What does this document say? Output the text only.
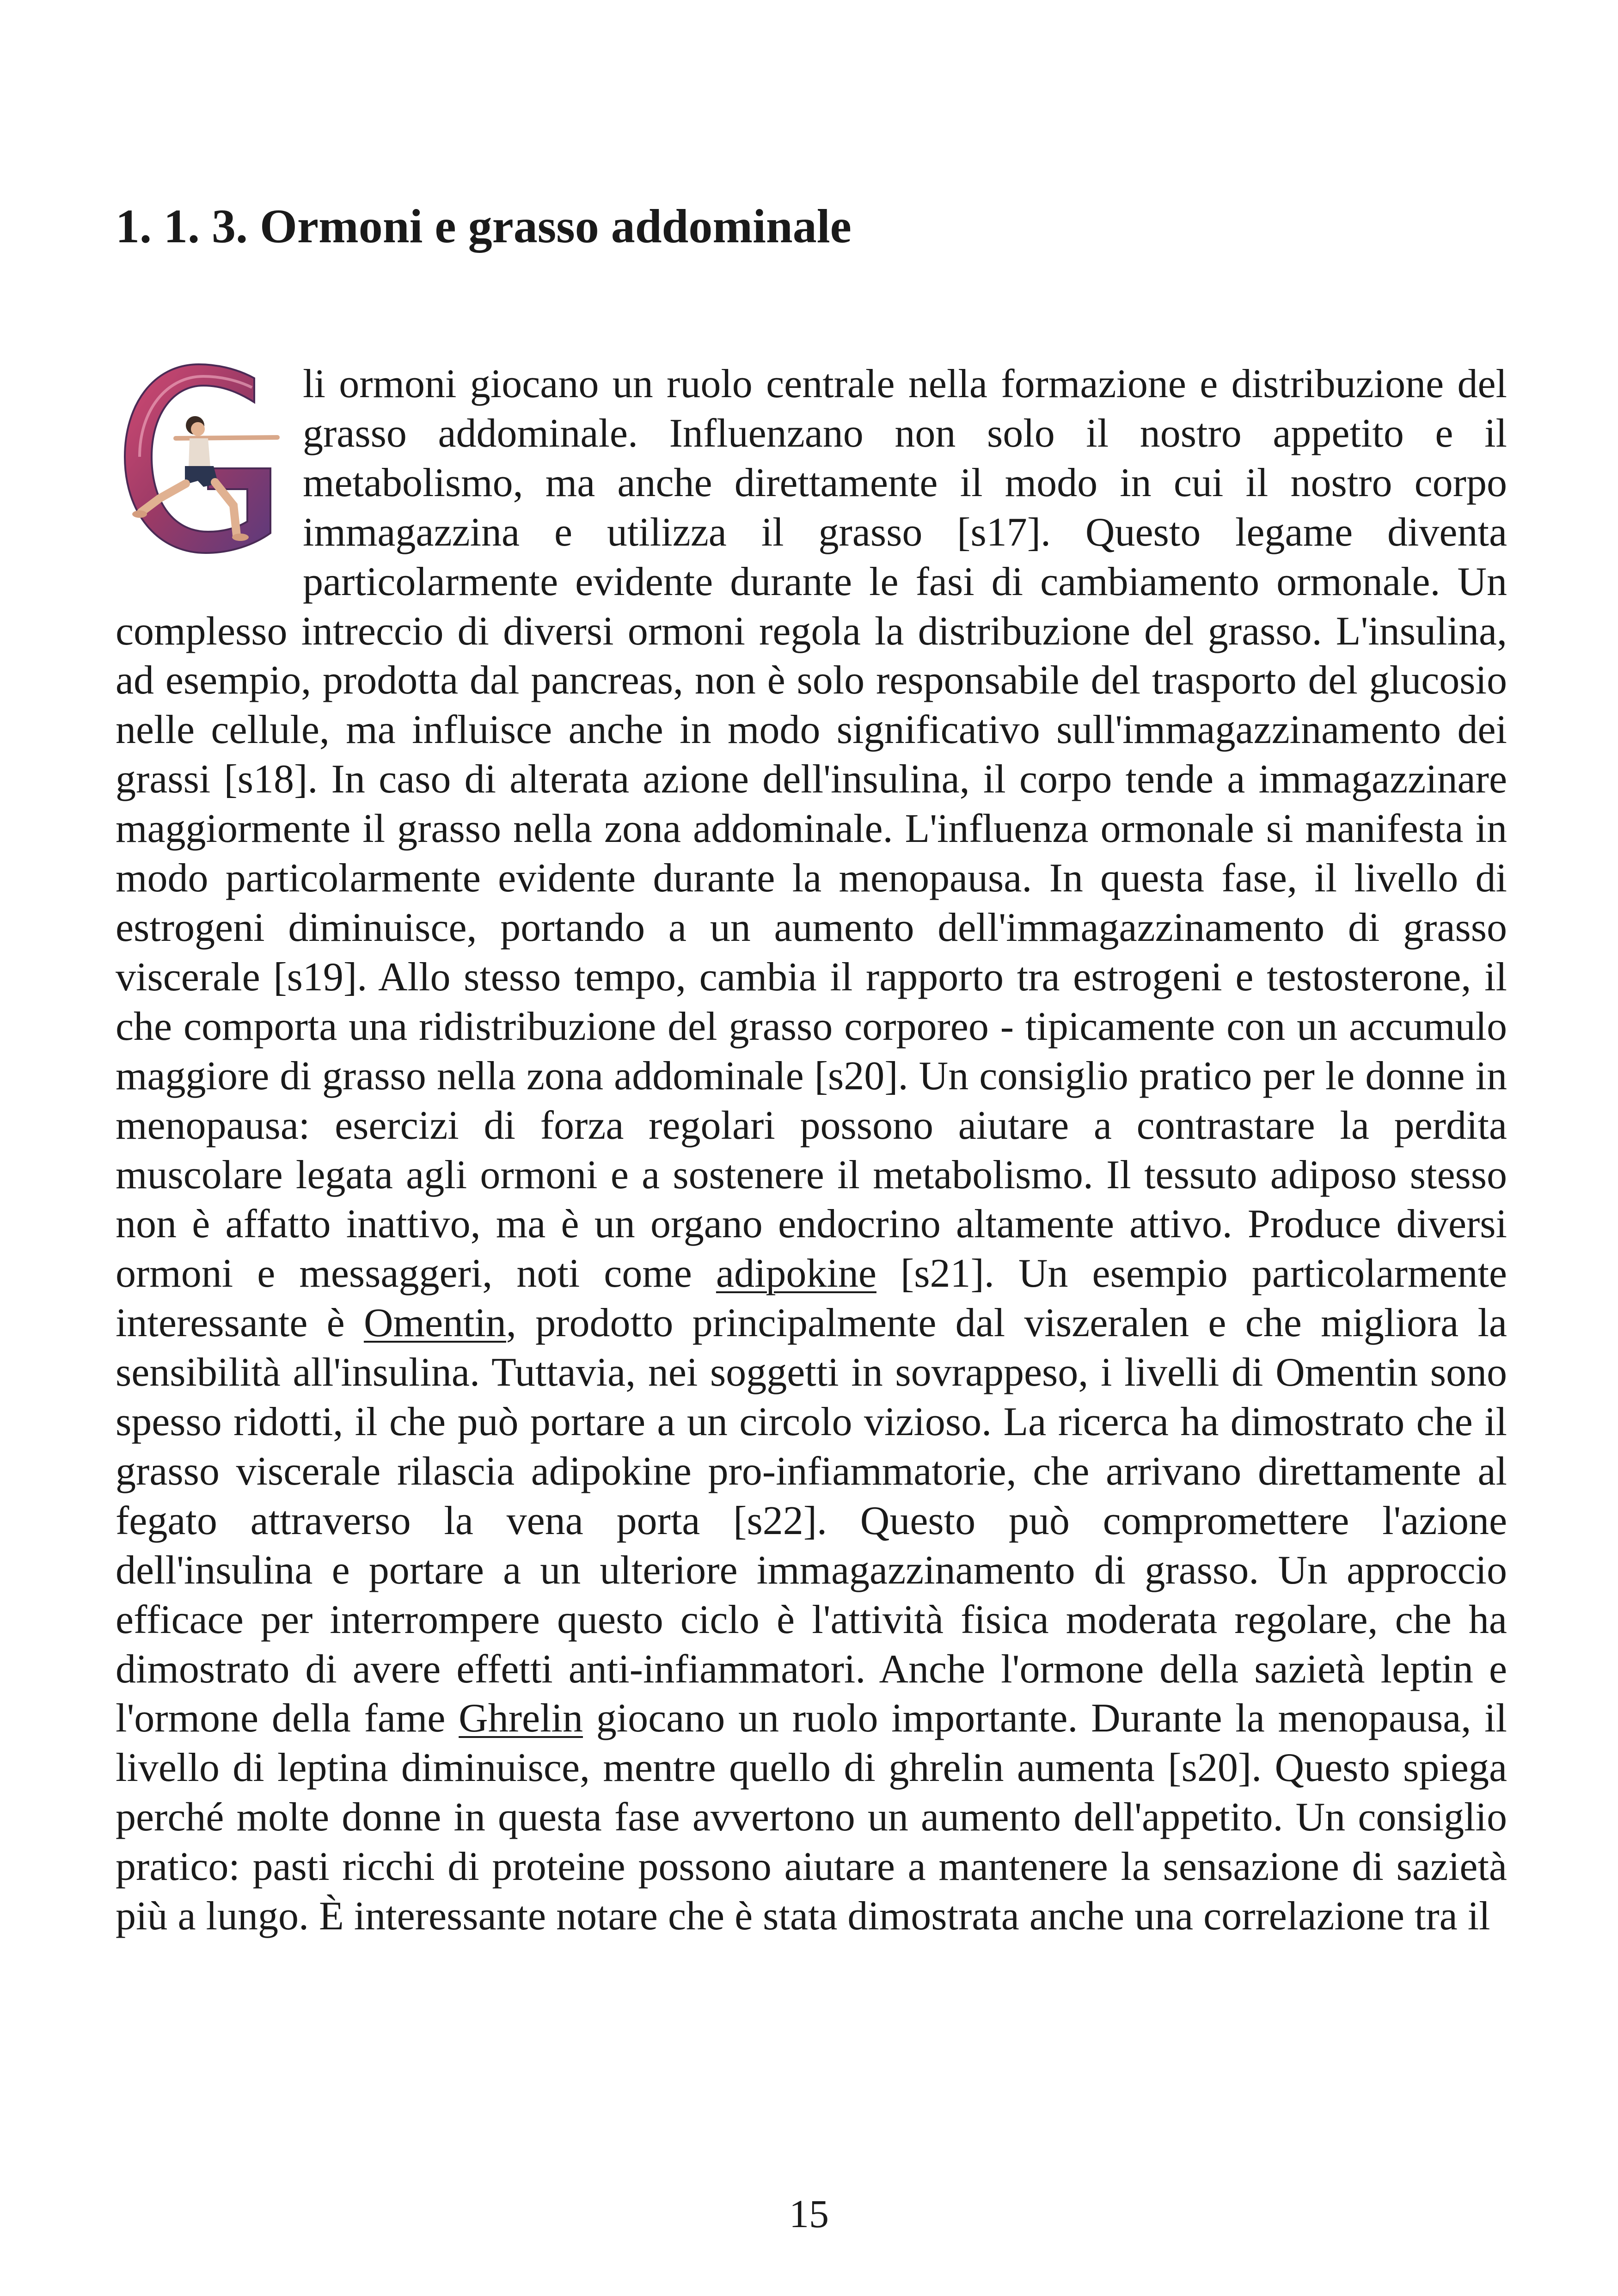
1. 1. 3. Ormoni e grasso addominale

li ormoni giocano un ruolo centrale nella formazione e distribuzione del grasso addominale. Influenzano non solo il nostro appetito e il metabolismo, ma anche direttamente il modo in cui il nostro corpo immagazzina e utilizza il grasso [s17]. Questo legame diventa particolarmente evidente durante le fasi di cambiamento ormonale. Un complesso intreccio di diversi ormoni regola la distribuzione del grasso. L'insulina, ad esempio, prodotta dal pancreas, non è solo responsabile del trasporto del glucosio nelle cellule, ma influisce anche in modo significativo sull'immagazzinamento dei grassi [s18]. In caso di alterata azione dell'insulina, il corpo tende a immagazzinare maggiormente il grasso nella zona addominale. L'influenza ormonale si manifesta in modo particolarmente evidente durante la menopausa. In questa fase, il livello di estrogeni diminuisce, portando a un aumento dell'immagazzinamento di grasso viscerale [s19]. Allo stesso tempo, cambia il rapporto tra estrogeni e testosterone, il che comporta una ridistribuzione del grasso corporeo - tipicamente con un accumulo maggiore di grasso nella zona addominale [s20]. Un consiglio pratico per le donne in menopausa: esercizi di forza regolari possono aiutare a contrastare la perdita muscolare legata agli ormoni e a sostenere il metabolismo. Il tessuto adiposo stesso non è affatto inattivo, ma è un organo endocrino altamente attivo. Produce diversi ormoni e messaggeri, noti come adipokine [s21]. Un esempio particolarmente interessante è Omentin, prodotto principalmente dal viszeralen e che migliora la sensibilità all'insulina. Tuttavia, nei soggetti in sovrappeso, i livelli di Omentin sono spesso ridotti, il che può portare a un circolo vizioso. La ricerca ha dimostrato che il grasso viscerale rilascia adipokine pro-infiammatorie, che arrivano direttamente al fegato attraverso la vena porta [s22]. Questo può compromettere l'azione dell'insulina e portare a un ulteriore immagazzinamento di grasso. Un approccio efficace per interrompere questo ciclo è l'attività fisica moderata regolare, che ha dimostrato di avere effetti anti-infiammatori. Anche l'ormone della sazietà leptin e l'ormone della fame Ghrelin giocano un ruolo importante. Durante la menopausa, il livello di leptina diminuisce, mentre quello di ghrelin aumenta [s20]. Questo spiega perché molte donne in questa fase avvertono un aumento dell'appetito. Un consiglio pratico: pasti ricchi di proteine possono aiutare a mantenere la sensazione di sazietà più a lungo. È interessante notare che è stata dimostrata anche una correlazione tra il

15
